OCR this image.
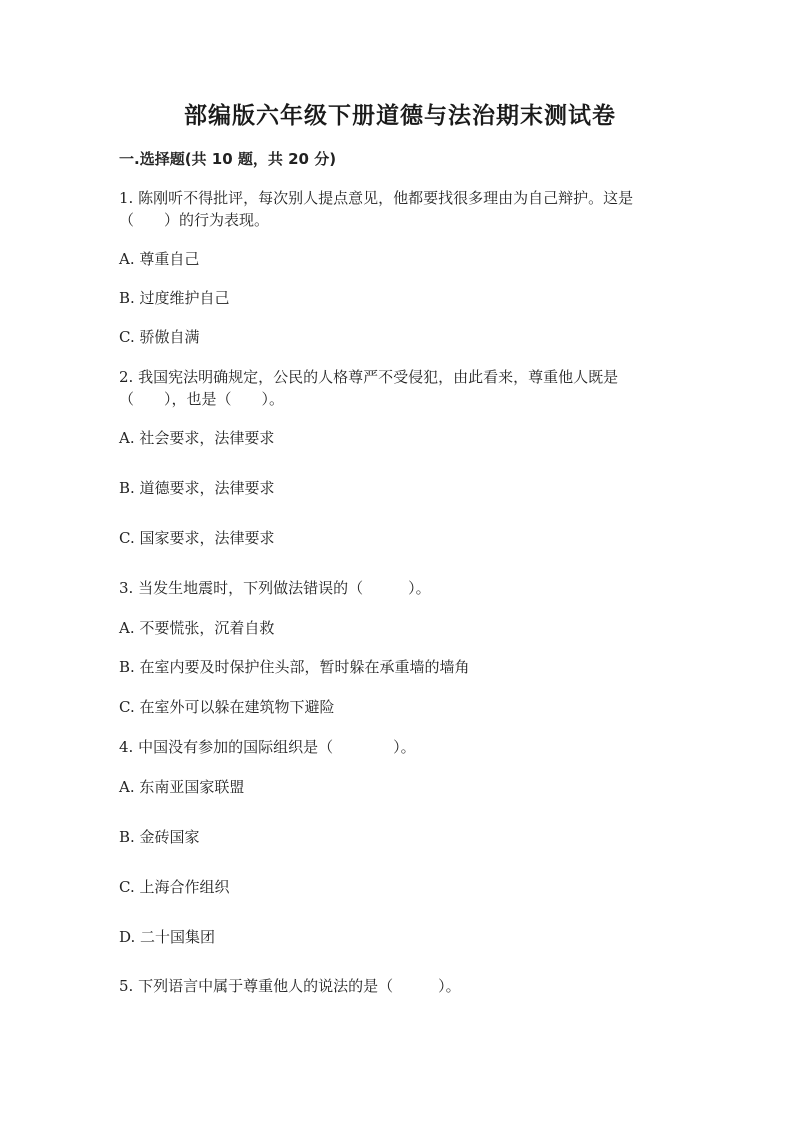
部编版六年级下册道德与法治期末测试卷
一.选择题(共 10 题，共 20 分)
1. 陈刚听不得批评，每次别人提点意见，他都要找很多理由为自己辩护。这是
（　　）的行为表现。
A. 尊重自己
B. 过度维护自己
C. 骄傲自满
2. 我国宪法明确规定，公民的人格尊严不受侵犯，由此看来，尊重他人既是
（　　），也是（　　）。
A. 社会要求，法律要求
B. 道德要求，法律要求
C. 国家要求，法律要求
3. 当发生地震时，下列做法错误的（　　　）。
A. 不要慌张，沉着自救
B. 在室内要及时保护住头部，暂时躲在承重墙的墙角
C. 在室外可以躲在建筑物下避险
4. 中国没有参加的国际组织是（　　　　）。
A. 东南亚国家联盟
B. 金砖国家
C. 上海合作组织
D. 二十国集团
5. 下列语言中属于尊重他人的说法的是（　　　）。
